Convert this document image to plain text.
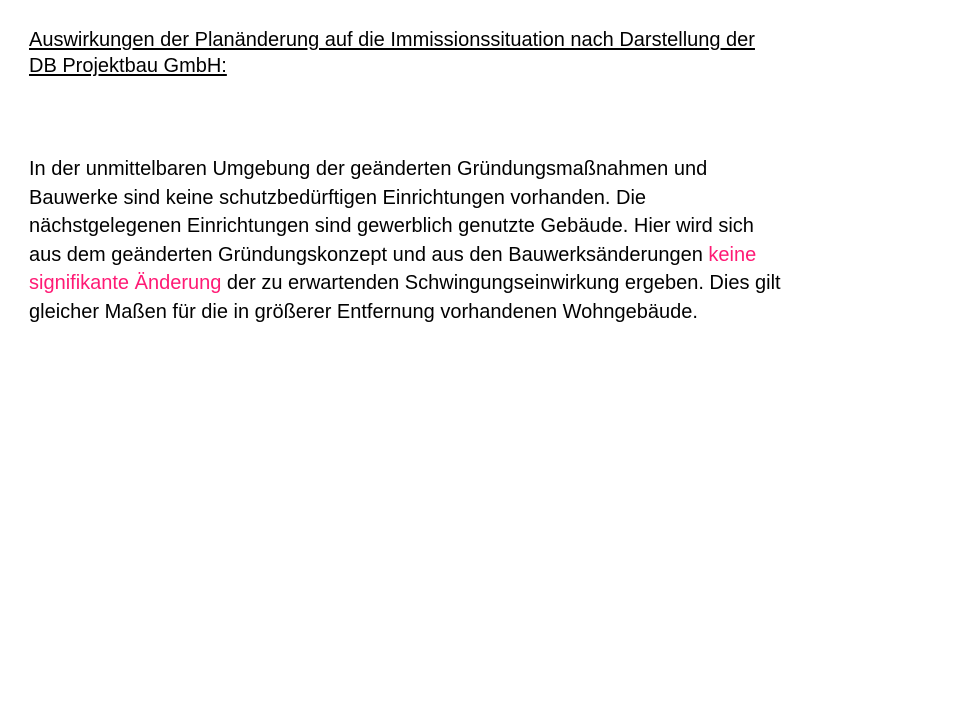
Auswirkungen der Planänderung auf die Immissionssituation nach Darstellung der
DB Projektbau GmbH:

In der unmittelbaren Umgebung der geänderten Gründungsmaßnahmen und
Bauwerke sind keine schutzbedürftigen Einrichtungen vorhanden. Die
nächstgelegenen Einrichtungen sind gewerblich genutzte Gebäude. Hier wird sich
aus dem geänderten Gründungskonzept und aus den Bauwerksänderungen keine
signifikante Änderung der zu erwartenden Schwingungseinwirkung ergeben. Dies gilt
gleicher Maßen für die in größerer Entfernung vorhandenen Wohngebäude.
